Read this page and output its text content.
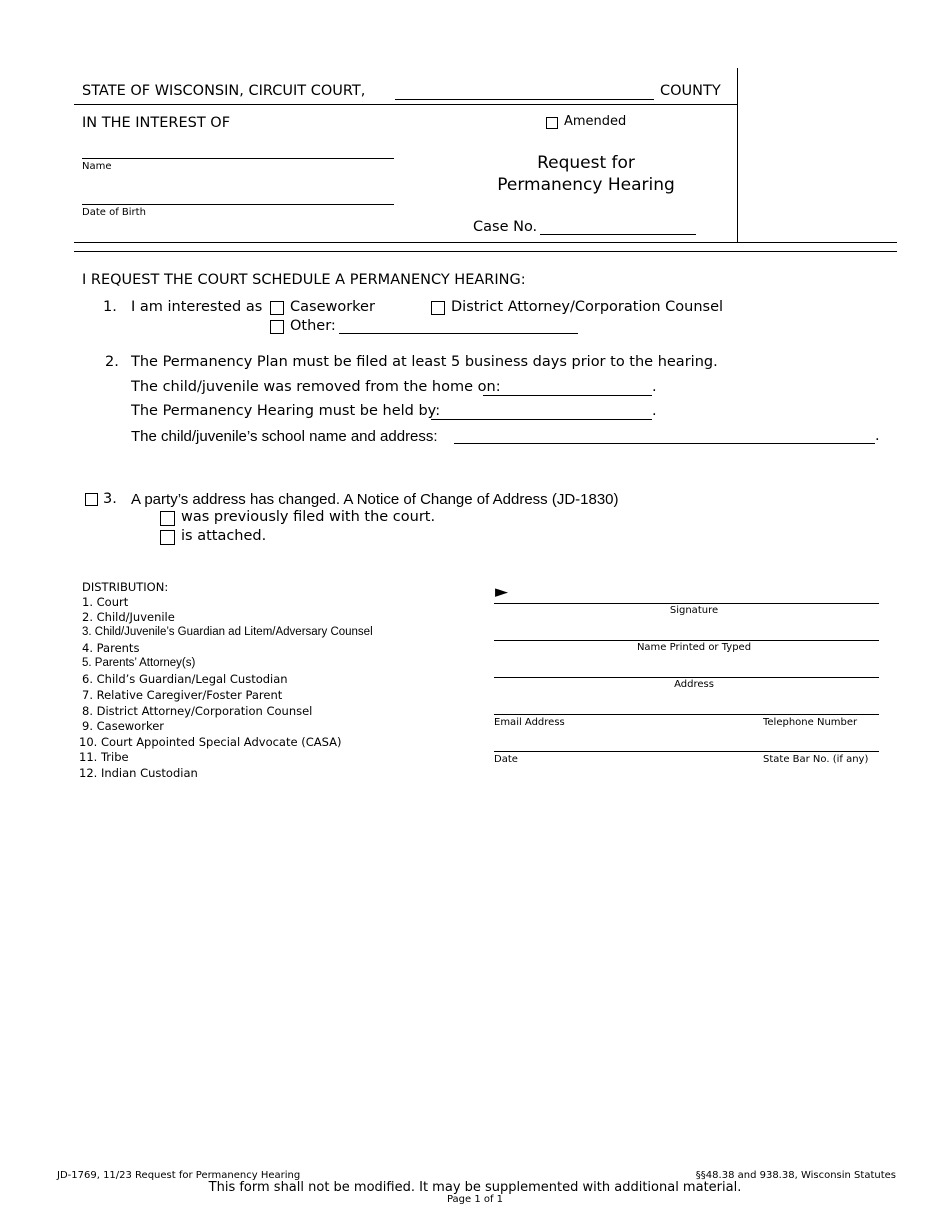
STATE OF WISCONSIN, CIRCUIT COURT,	COUNTY
IN THE INTEREST OF	Amended
Name
Date of Birth
Request for
Permanency Hearing
Case No.
I REQUEST THE COURT SCHEDULE A PERMANENCY HEARING:
1. I am interested as Caseworker	District Attorney/Corporation Counsel
Other:
2. The Permanency Plan must be filed at least 5 business days prior to the hearing.
The child/juvenile was removed from the home on:	.
The Permanency Hearing must be held by:	.
The child/juvenile’s school name and address:	.
3. A party’s address has changed. A Notice of Change of Address (JD-1830)
was previously filed with the court.
is attached.
DISTRIBUTION:
1. Court
2. Child/Juvenile
3. Child/Juvenile’s Guardian ad Litem/Adversary Counsel
4. Parents
5. Parents’ Attorney(s)
6. Child’s Guardian/Legal Custodian
7. Relative Caregiver/Foster Parent
8. District Attorney/Corporation Counsel
9. Caseworker
10. Court Appointed Special Advocate (CASA)
11. Tribe
12. Indian Custodian
►
Signature
Name Printed or Typed
Address
Email Address	Telephone Number
Date	State Bar No. (if any)
JD-1769, 11/23 Request for Permanency Hearing	§§48.38 and 938.38, Wisconsin Statutes
This form shall not be modified. It may be supplemented with additional material.
Page 1 of 1
